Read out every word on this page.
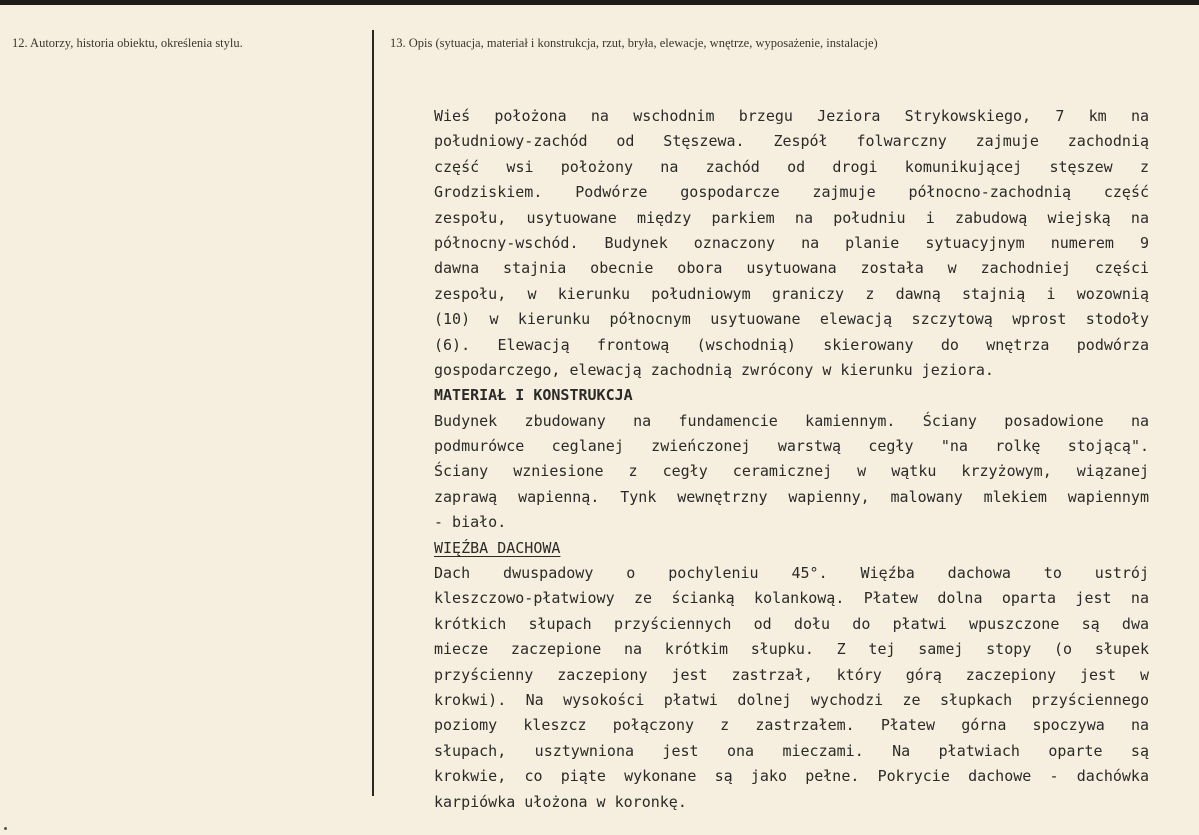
12. Autorzy, historia obiektu, określenia stylu.	13. Opis (sytuacja, materiał i konstrukcja, rzut, bryła, elewacje, wnętrze, wyposażenie, instalacje)
Wieś położona na wschodnim brzegu Jeziora Strykowskiego, 7 km na
południowy-zachód od Stęszewa. Zespół folwarczny zajmuje zachodnią
część wsi położony na zachód od drogi komunikującej stęszew z
Grodziskiem. Podwórze gospodarcze zajmuje północno-zachodnią część
zespołu, usytuowane między parkiem na południu i zabudową wiejską na
północny-wschód. Budynek oznaczony na planie sytuacyjnym numerem 9
dawna stajnia obecnie obora usytuowana została w zachodniej części
zespołu, w kierunku południowym graniczy z dawną stajnią i wozownią
(10) w kierunku północnym usytuowane elewacją szczytową wprost stodoły
(6). Elewacją frontową (wschodnią) skierowany do wnętrza podwórza
gospodarczego, elewacją zachodnią zwrócony w kierunku jeziora.
MATERIAŁ I KONSTRUKCJA
Budynek zbudowany na fundamencie kamiennym. Ściany posadowione na
podmurówce ceglanej zwieńczonej warstwą cegły "na rolkę stojącą".
Ściany wzniesione z cegły ceramicznej w wątku krzyżowym, wiązanej
zaprawą wapienną. Tynk wewnętrzny wapienny, malowany mlekiem wapiennym
- biało.
WIĘŹBA DACHOWA
Dach dwuspadowy o pochyleniu 45°. Więźba dachowa to ustrój
kleszczowo-płatwiowy ze ścianką kolankową. Płatew dolna oparta jest na
krótkich słupach przyściennych od dołu do płatwi wpuszczone są dwa
miecze zaczepione na krótkim słupku. Z tej samej stopy (o słupek
przyścienny zaczepiony jest zastrzał, który górą zaczepiony jest w
krokwi). Na wysokości płatwi dolnej wychodzi ze słupkach przyściennego
poziomy kleszcz połączony z zastrzałem. Płatew górna spoczywa na
słupach, usztywniona jest ona mieczami. Na płatwiach oparte są
krokwie, co piąte wykonane są jako pełne. Pokrycie dachowe - dachówka
karpiówka ułożona w koronkę.
